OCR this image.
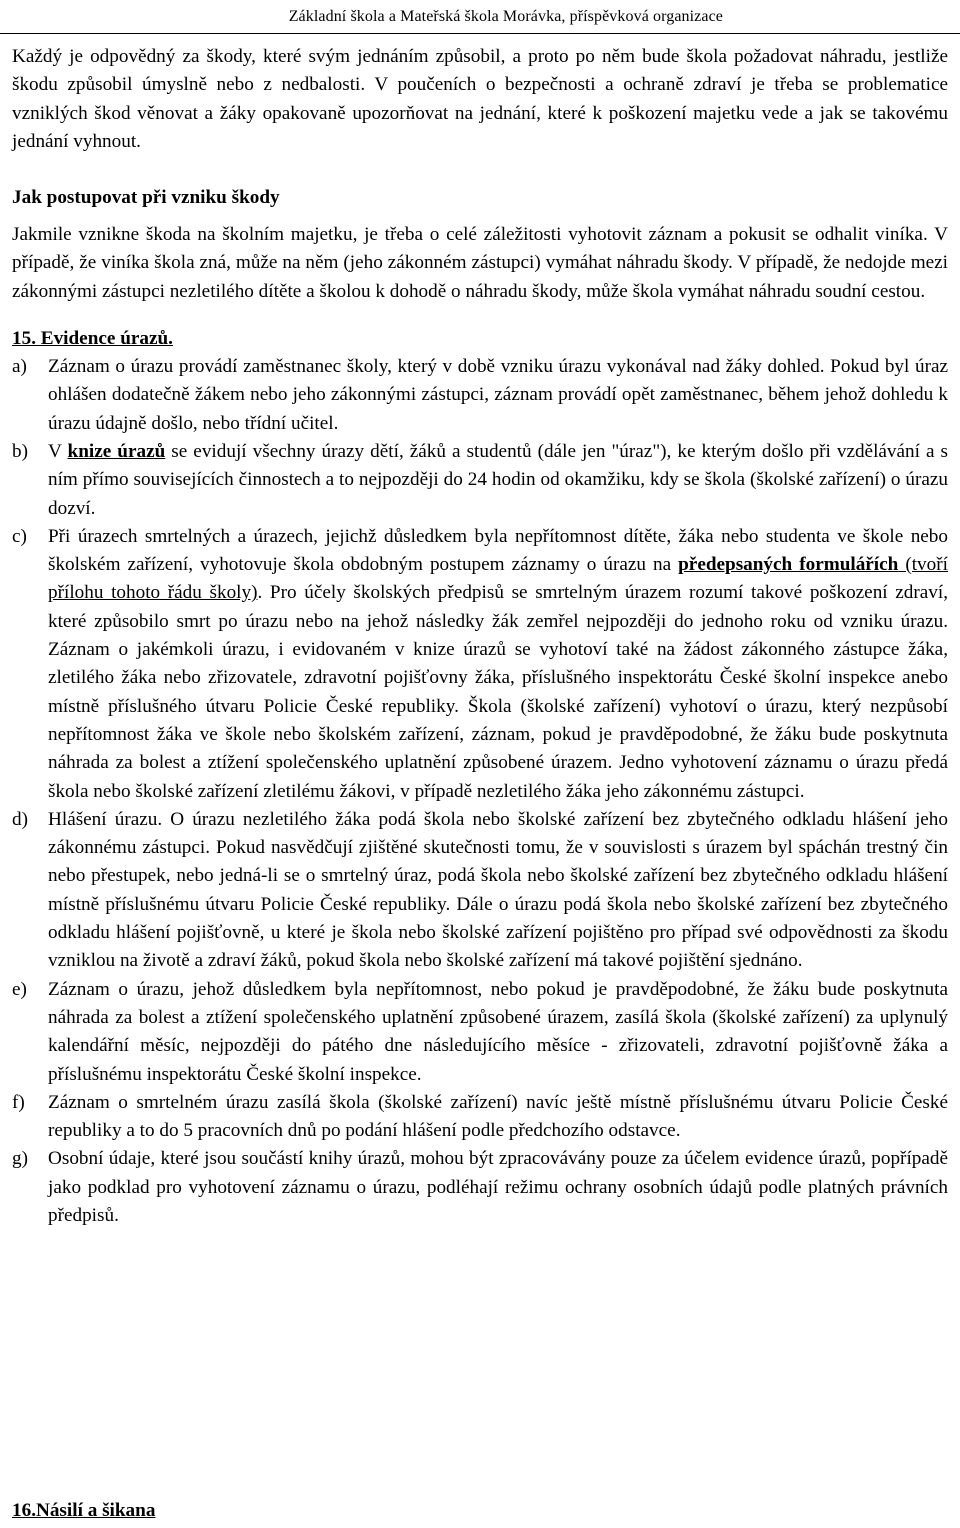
Základní škola a Mateřská škola Morávka, příspěvková organizace

Každý je odpovědný za škody, které svým jednáním způsobil, a proto po něm bude škola požadovat náhradu, jestliže škodu způsobil úmyslně nebo z nedbalosti. V poučeních o bezpečnosti a ochraně zdraví je třeba se problematice vzniklých škod věnovat a žáky opakovaně upozorňovat na jednání, které k poškození majetku vede a jak se takovému jednání vyhnout.

Jak postupovat při vzniku škody

Jakmile vznikne škoda na školním majetku, je třeba o celé záležitosti vyhotovit záznam a pokusit se odhalit viníka. V případě, že viníka škola zná, může na něm (jeho zákonném zástupci) vymáhat náhradu škody. V případě, že nedojde mezi zákonnými zástupci nezletilého dítěte a školou k dohodě o náhradu škody, může škola vymáhat náhradu soudní cestou.

15. Evidence úrazů.
a)	Záznam o úrazu provádí zaměstnanec školy, který v době vzniku úrazu vykonával nad žáky dohled. Pokud byl úraz ohlášen dodatečně žákem nebo jeho zákonnými zástupci, záznam provádí opět zaměstnanec, během jehož dohledu k úrazu údajně došlo, nebo třídní učitel.
b)	V knize úrazů se evidují všechny úrazy dětí, žáků a studentů (dále jen "úraz"), ke kterým došlo při vzdělávání a s ním přímo souvisejících činnostech a to nejpozději do 24 hodin od okamžiku, kdy se škola (školské zařízení) o úrazu dozví.
c)	Při úrazech smrtelných a úrazech, jejichž důsledkem byla nepřítomnost dítěte, žáka nebo studenta ve škole nebo školském zařízení, vyhotovuje škola obdobným postupem záznamy o úrazu na předepsaných formulářích (tvoří přílohu tohoto řádu školy). Pro účely školských předpisů se smrtelným úrazem rozumí takové poškození zdraví, které způsobilo smrt po úrazu nebo na jehož následky žák zemřel nejpozději do jednoho roku od vzniku úrazu. Záznam o jakémkoli úrazu, i evidovaném v knize úrazů se vyhotoví také na žádost zákonného zástupce žáka, zletilého žáka nebo zřizovatele, zdravotní pojišťovny žáka, příslušného inspektorátu České školní inspekce anebo místně příslušného útvaru Policie České republiky. Škola (školské zařízení) vyhotoví o úrazu, který nezpůsobí nepřítomnost žáka ve škole nebo školském zařízení, záznam, pokud je pravděpodobné, že žáku bude poskytnuta náhrada za bolest a ztížení společenského uplatnění způsobené úrazem. Jedno vyhotovení záznamu o úrazu předá škola nebo školské zařízení zletilému žákovi, v případě nezletilého žáka jeho zákonnému zástupci.
d)	Hlášení úrazu. O úrazu nezletilého žáka podá škola nebo školské zařízení bez zbytečného odkladu hlášení jeho zákonnému zástupci. Pokud nasvědčují zjištěné skutečnosti tomu, že v souvislosti s úrazem byl spáchán trestný čin nebo přestupek, nebo jedná-li se o smrtelný úraz, podá škola nebo školské zařízení bez zbytečného odkladu hlášení místně příslušnému útvaru Policie České republiky. Dále o úrazu podá škola nebo školské zařízení bez zbytečného odkladu hlášení pojišťovně, u které je škola nebo školské zařízení pojištěno pro případ své odpovědnosti za škodu vzniklou na životě a zdraví žáků, pokud škola nebo školské zařízení má takové pojištění sjednáno.
e)	Záznam o úrazu, jehož důsledkem byla nepřítomnost, nebo pokud je pravděpodobné, že žáku bude poskytnuta náhrada za bolest a ztížení společenského uplatnění způsobené úrazem, zasílá škola (školské zařízení) za uplynulý kalendářní měsíc, nejpozději do pátého dne následujícího měsíce - zřizovateli, zdravotní pojišťovně žáka a příslušnému inspektorátu České školní inspekce.
f)	Záznam o smrtelném úrazu zasílá škola (školské zařízení) navíc ještě místně příslušnému útvaru Policie České republiky a to do 5 pracovních dnů po podání hlášení podle předchozího odstavce.
g)	Osobní údaje, které jsou součástí knihy úrazů, mohou být zpracovávány pouze za účelem evidence úrazů, popřípadě jako podklad pro vyhotovení záznamu o úrazu, podléhají režimu ochrany osobních údajů podle platných právních předpisů.
16.Násilí a šikana
